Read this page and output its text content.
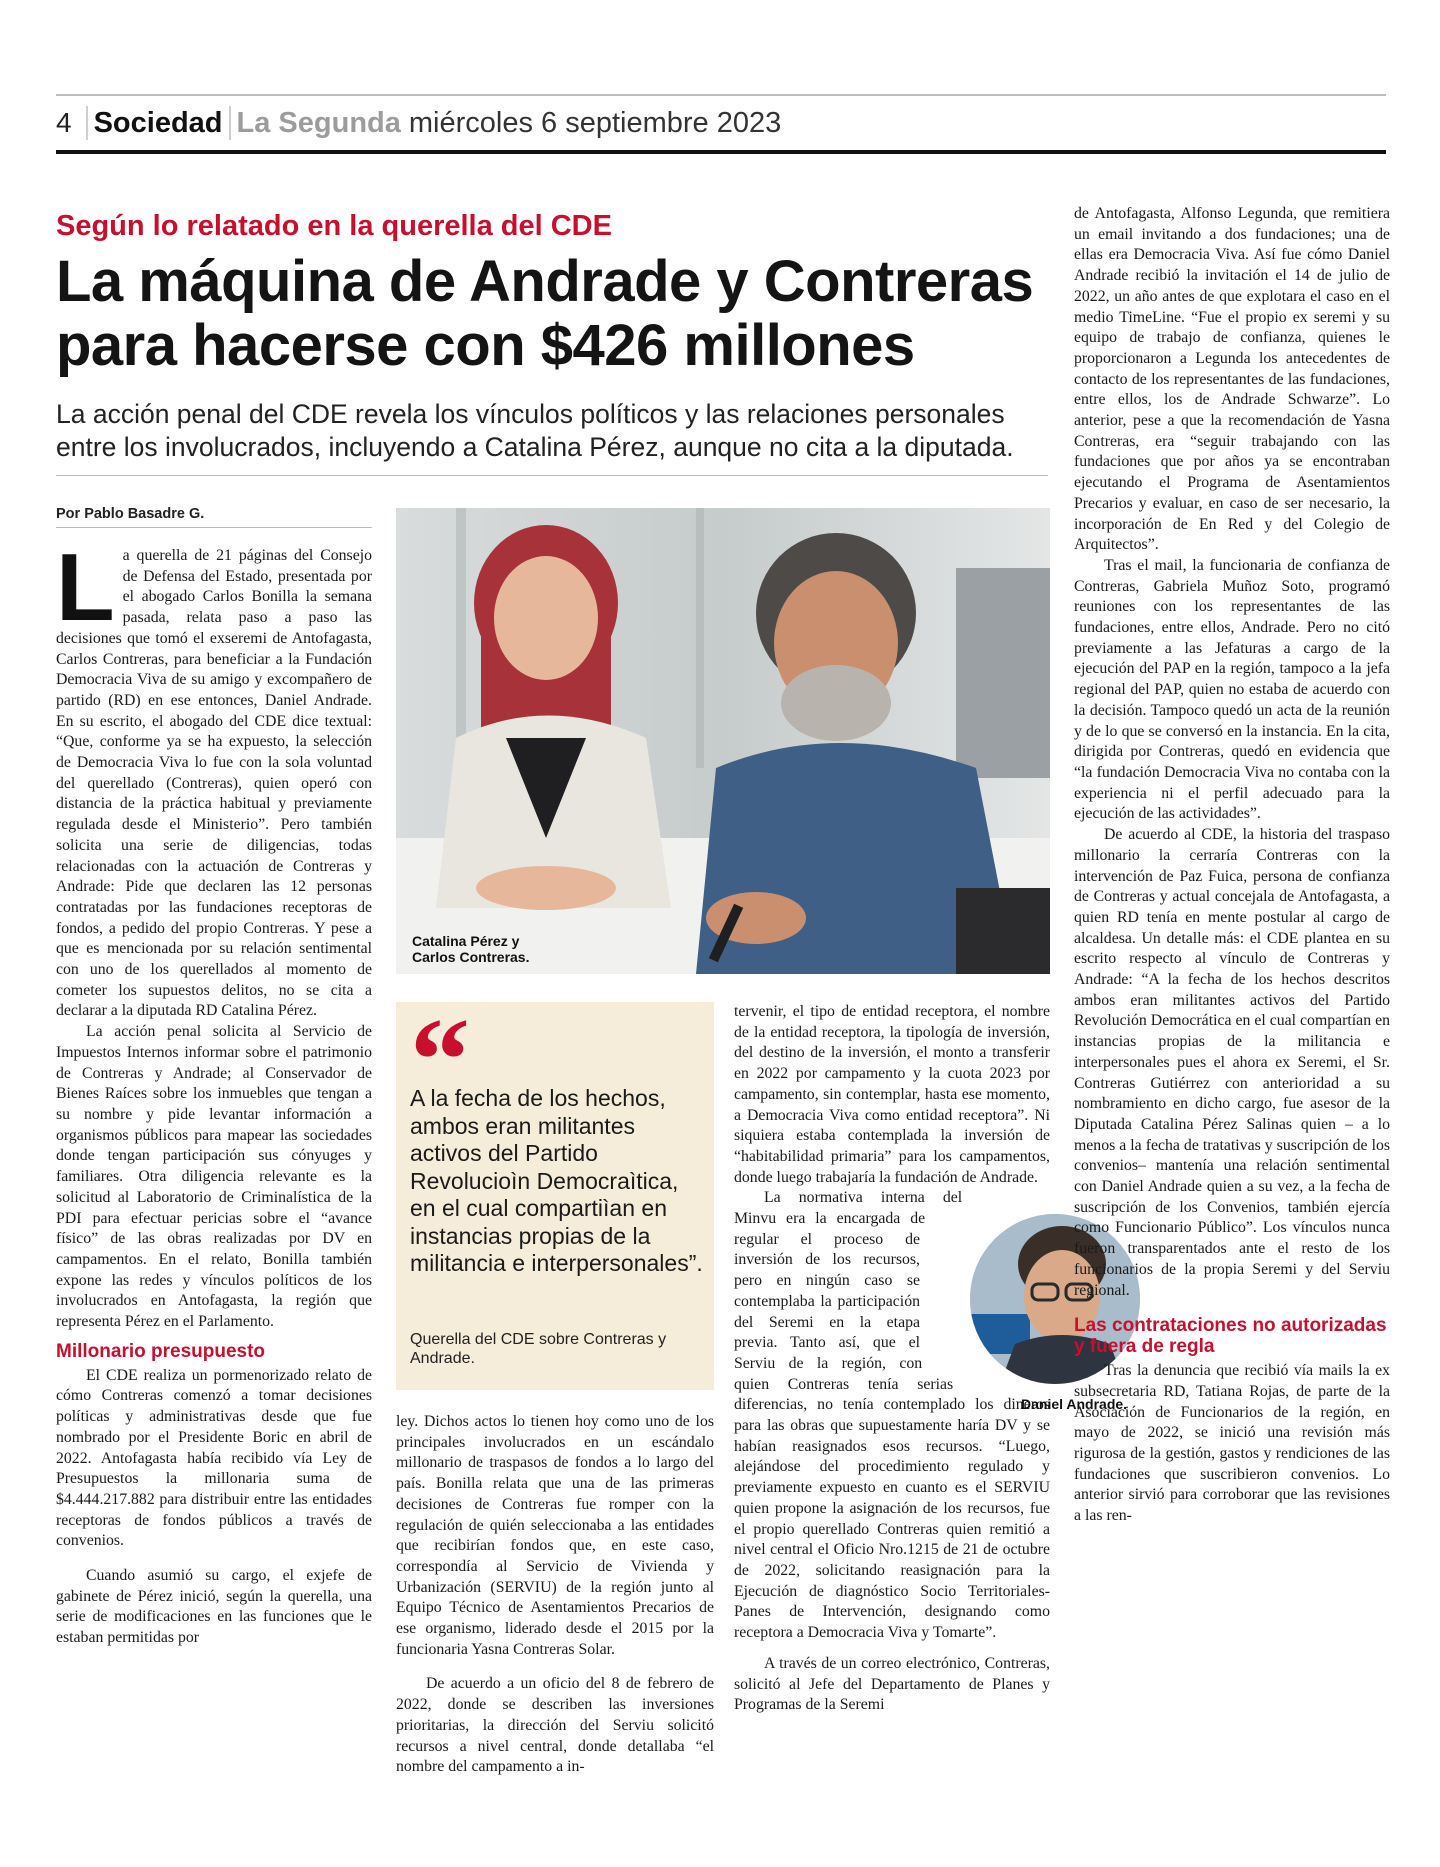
4 Sociedad La Segunda miércoles 6 septiembre 2023
Según lo relatado en la querella del CDE
La máquina de Andrade y Contreras para hacerse con $426 millones
La acción penal del CDE revela los vínculos políticos y las relaciones personales entre los involucrados, incluyendo a Catalina Pérez, aunque no cita a la diputada.
Por Pablo Basadre G.

La querella de 21 páginas del Consejo de Defensa del Estado, presentada por el abogado Carlos Bonilla la semana pasada, relata paso a paso las decisiones que tomó el exseremi de Antofagasta, Carlos Contreras, para beneficiar a la Fundación Democracia Viva de su amigo y excompañero de partido (RD) en ese entonces, Daniel Andrade. En su escrito, el abogado del CDE dice textual: “Que, conforme ya se ha expuesto, la selección de Democracia Viva lo fue con la sola voluntad del querellado (Contreras), quien operó con distancia de la práctica habitual y previamente regulada desde el Ministerio”. Pero también solicita una serie de diligencias, todas relacionadas con la actuación de Contreras y Andrade: Pide que declaren las 12 personas contratadas por las fundaciones receptoras de fondos, a pedido del propio Contreras. Y pese a que es mencionada por su relación sentimental con uno de los querellados al momento de cometer los supuestos delitos, no se cita a declarar a la diputada RD Catalina Pérez.

La acción penal solicita al Servicio de Impuestos Internos informar sobre el patrimonio de Contreras y Andrade; al Conservador de Bienes Raíces sobre los inmuebles que tengan a su nombre y pide levantar información a organismos públicos para mapear las sociedades donde tengan participación sus cónyuges y familiares. Otra diligencia relevante es la solicitud al Laboratorio de Criminalística de la PDI para efectuar pericias sobre el “avance físico” de las obras realizadas por DV en campamentos. En el relato, Bonilla también expone las redes y vínculos políticos de los involucrados en Antofagasta, la región que representa Pérez en el Parlamento.

Millonario presupuesto

El CDE realiza un pormenorizado relato de cómo Contreras comenzó a tomar decisiones políticas y administrativas desde que fue nombrado por el Presidente Boric en abril de 2022. Antofagasta había recibido vía Ley de Presupuestos la millonaria suma de $4.444.217.882 para distribuir entre las entidades receptoras de fondos públicos a través de convenios.

Cuando asumió su cargo, el exjefe de gabinete de Pérez inició, según la querella, una serie de modificaciones en las funciones que le estaban permitidas por

Catalina Pérez y
Carlos Contreras.
“
A la fecha de los hechos, ambos eran militantes activos del Partido Revolucioìn Democraìtica, en el cual compartiìan en instancias propias de la militancia e interpersonales”.
Querella del CDE sobre Contreras y Andrade.

ley. Dichos actos lo tienen hoy como uno de los principales involucrados en un escándalo millonario de traspasos de fondos a lo largo del país. Bonilla relata que una de las primeras decisiones de Contreras fue romper con la regulación de quién seleccionaba a las entidades que recibirían fondos que, en este caso, correspondía al Servicio de Vivienda y Urbanización (SERVIU) de la región junto al Equipo Técnico de Asentamientos Precarios de ese organismo, liderado desde el 2015 por la funcionaria Yasna Contreras Solar.

De acuerdo a un oficio del 8 de febrero de 2022, donde se describen las inversiones prioritarias, la dirección del Serviu solicitó recursos a nivel central, donde detallaba “el nombre del campamento a in-

tervenir, el tipo de entidad receptora, el nombre de la entidad receptora, la tipología de inversión, del destino de la inversión, el monto a transferir en 2022 por campamento y la cuota 2023 por campamento, sin contemplar, hasta ese momento, a Democracia Viva como entidad receptora”. Ni siquiera estaba contemplada la inversión de “habitabilidad primaria” para los campamentos, donde luego trabajaría la fundación de Andrade.

La normativa interna del Minvu era la encargada de regular el proceso de inversión de los recursos, pero en ningún caso se contemplaba la participación del Seremi en la etapa previa. Tanto así, que el Serviu de la región, con quien Contreras tenía serias diferencias, no tenía contemplado los dineros para las obras que supuestamente haría DV y se habían reasignados esos recursos. “Luego, alejándose del procedimiento regulado y previamente expuesto en cuanto es el SERVIU quien propone la asignación de los recursos, fue el propio querellado Contreras quien remitió a nivel central el Oficio Nro.1215 de 21 de octubre de 2022, solicitando reasignación para la Ejecución de diagnóstico Socio Territoriales- Panes de Intervención, designando como receptora a Democracia Viva y Tomarte”.

A través de un correo electrónico, Contreras, solicitó al Jefe del Departamento de Planes y Programas de la Seremi

Daniel Andrade.

de Antofagasta, Alfonso Legunda, que remitiera un email invitando a dos fundaciones; una de ellas era Democracia Viva. Así fue cómo Daniel Andrade recibió la invitación el 14 de julio de 2022, un año antes de que explotara el caso en el medio TimeLine. “Fue el propio ex seremi y su equipo de trabajo de confianza, quienes le proporcionaron a Legunda los antecedentes de contacto de los representantes de las fundaciones, entre ellos, los de Andrade Schwarze”. Lo anterior, pese a que la recomendación de Yasna Contreras, era “seguir trabajando con las fundaciones que por años ya se encontraban ejecutando el Programa de Asentamientos Precarios y evaluar, en caso de ser necesario, la incorporación de En Red y del Colegio de Arquitectos”.

Tras el mail, la funcionaria de confianza de Contreras, Gabriela Muñoz Soto, programó reuniones con los representantes de las fundaciones, entre ellos, Andrade. Pero no citó previamente a las Jefaturas a cargo de la ejecución del PAP en la región, tampoco a la jefa regional del PAP, quien no estaba de acuerdo con la decisión. Tampoco quedó un acta de la reunión y de lo que se conversó en la instancia. En la cita, dirigida por Contreras, quedó en evidencia que “la fundación Democracia Viva no contaba con la experiencia ni el perfil adecuado para la ejecución de las actividades”.

De acuerdo al CDE, la historia del traspaso millonario la cerraría Contreras con la intervención de Paz Fuica, persona de confianza de Contreras y actual concejala de Antofagasta, a quien RD tenía en mente postular al cargo de alcaldesa. Un detalle más: el CDE plantea en su escrito respecto al vínculo de Contreras y Andrade: “A la fecha de los hechos descritos ambos eran militantes activos del Partido Revolución Democrática en el cual compartían en instancias propias de la militancia e interpersonales pues el ahora ex Seremi, el Sr. Contreras Gutiérrez con anterioridad a su nombramiento en dicho cargo, fue asesor de la Diputada Catalina Pérez Salinas quien – a lo menos a la fecha de tratativas y suscripción de los convenios– mantenía una relación sentimental con Daniel Andrade quien a su vez, a la fecha de suscripción de los Convenios, también ejercía como Funcionario Público”. Los vínculos nunca fueron transparentados ante el resto de los funcionarios de la propia Seremi y del Serviu regional.

Las contrataciones no autorizadas y fuera de regla

Tras la denuncia que recibió vía mails la ex subsecretaria RD, Tatiana Rojas, de parte de la Asociación de Funcionarios de la región, en mayo de 2022, se inició una revisión más rigurosa de la gestión, gastos y rendiciones de las fundaciones que suscribieron convenios. Lo anterior sirvió para corroborar que las revisiones a las ren-
